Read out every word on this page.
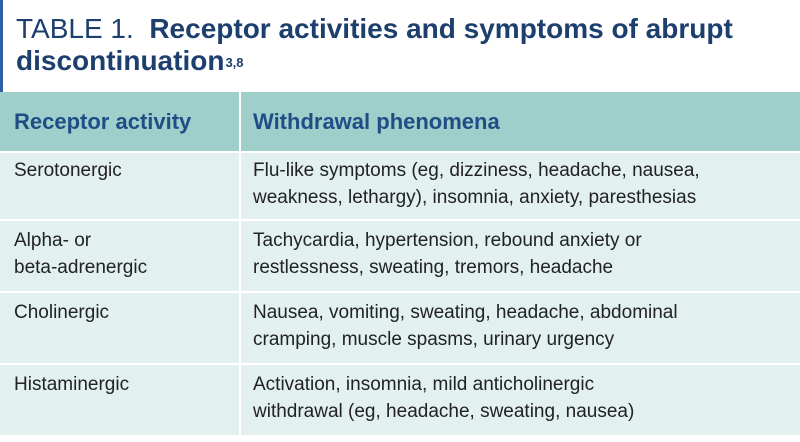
TABLE 1. Receptor activities and symptoms of abrupt discontinuation$^{3,8}$

Receptor activity	Withdrawal phenomena
Serotonergic	Flu-like symptoms (eg, dizziness, headache, nausea,
weakness, lethargy), insomnia, anxiety, paresthesias
Alpha- or
beta-adrenergic	Tachycardia, hypertension, rebound anxiety or
restlessness, sweating, tremors, headache
Cholinergic	Nausea, vomiting, sweating, headache, abdominal
cramping, muscle spasms, urinary urgency
Histaminergic	Activation, insomnia, mild anticholinergic
withdrawal (eg, headache, sweating, nausea)
